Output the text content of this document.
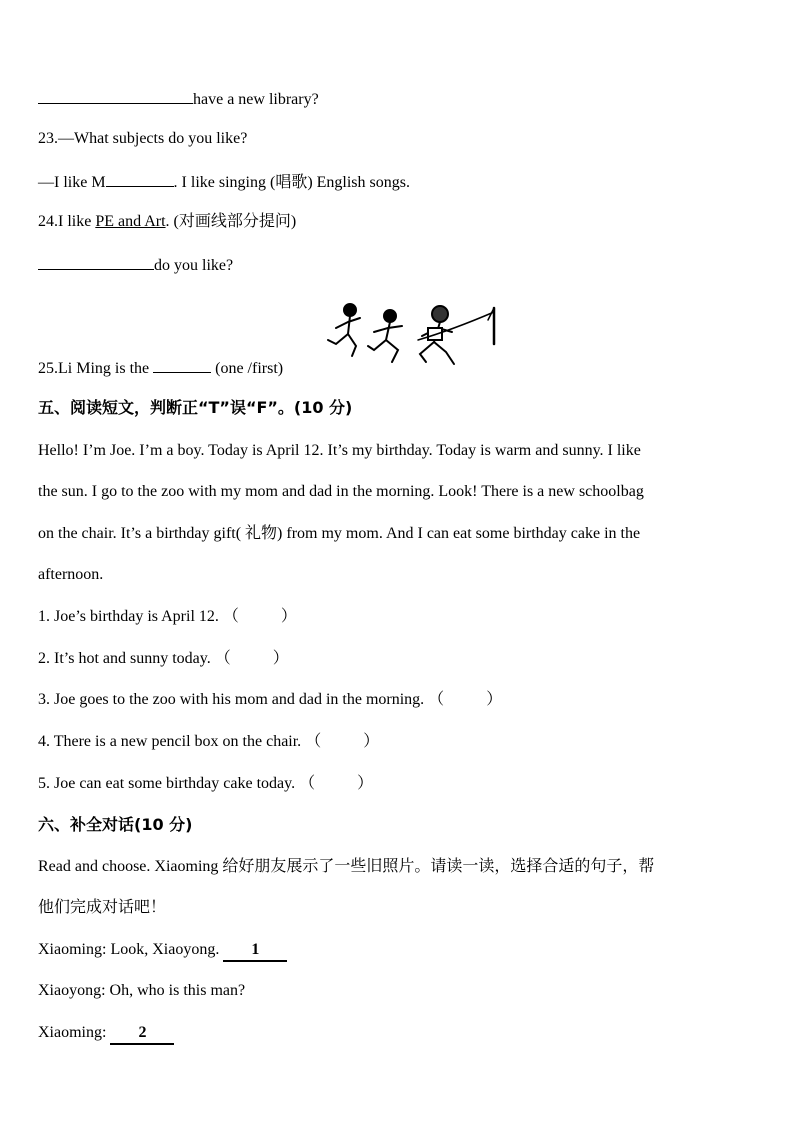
have a new library?
23.—What subjects do you like?
—I like M	. I like singing (唱歌) English songs.
24.I like PE and Art. (对画线部分提问)
do you like?
25.Li Ming is the	(one /first)
五、阅读短文，判断正“T”误“F”。(10 分)
Hello! I’m Joe. I’m a boy. Today is April 12. It’s my birthday. Today is warm and sunny. I like
the sun. I go to the zoo with my mom and dad in the morning. Look! There is a new schoolbag
on the chair. It’s a birthday gift( 礼物) from my mom. And I can eat some birthday cake in the
afternoon.
1. Joe’s birthday is April 12. （	）
2. It’s hot and sunny today. （	）
3. Joe goes to the zoo with his mom and dad in the morning. （	）
4. There is a new pencil box on the chair. （	）
5. Joe can eat some birthday cake today. （	）
六、补全对话(10 分)
Read and choose. Xiaoming 给好朋友展示了一些旧照片。请读一读，选择合适的句子，帮
他们完成对话吧！
Xiaoming: Look, Xiaoyong. 1
Xiaoyong: Oh, who is this man?
Xiaoming: 2
